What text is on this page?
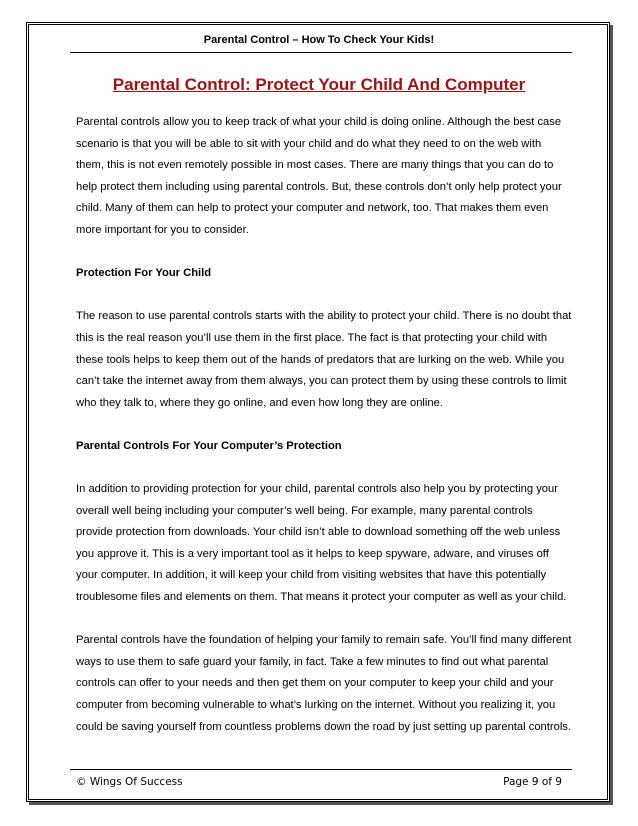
Parental Control – How To Check Your Kids!
Parental Control: Protect Your Child And Computer

Parental controls allow you to keep track of what your child is doing online. Although the best case scenario is that you will be able to sit with your child and do what they need to on the web with them, this is not even remotely possible in most cases. There are many things that you can do to help protect them including using parental controls. But, these controls don’t only help protect your child. Many of them can help to protect your computer and network, too. That makes them even more important for you to consider.

Protection For Your Child

The reason to use parental controls starts with the ability to protect your child. There is no doubt that this is the real reason you’ll use them in the first place. The fact is that protecting your child with these tools helps to keep them out of the hands of predators that are lurking on the web. While you can’t take the internet away from them always, you can protect them by using these controls to limit who they talk to, where they go online, and even how long they are online.

Parental Controls For Your Computer’s Protection

In addition to providing protection for your child, parental controls also help you by protecting your overall well being including your computer’s well being. For example, many parental controls provide protection from downloads. Your child isn’t able to download something off the web unless you approve it. This is a very important tool as it helps to keep spyware, adware, and viruses off your computer. In addition, it will keep your child from visiting websites that have this potentially troublesome files and elements on them. That means it protect your computer as well as your child.

Parental controls have the foundation of helping your family to remain safe. You’ll find many different ways to use them to safe guard your family, in fact. Take a few minutes to find out what parental controls can offer to your needs and then get them on your computer to keep your child and your computer from becoming vulnerable to what’s lurking on the internet. Without you realizing it, you could be saving yourself from countless problems down the road by just setting up parental controls.

© Wings Of Success	Page 9 of 9
